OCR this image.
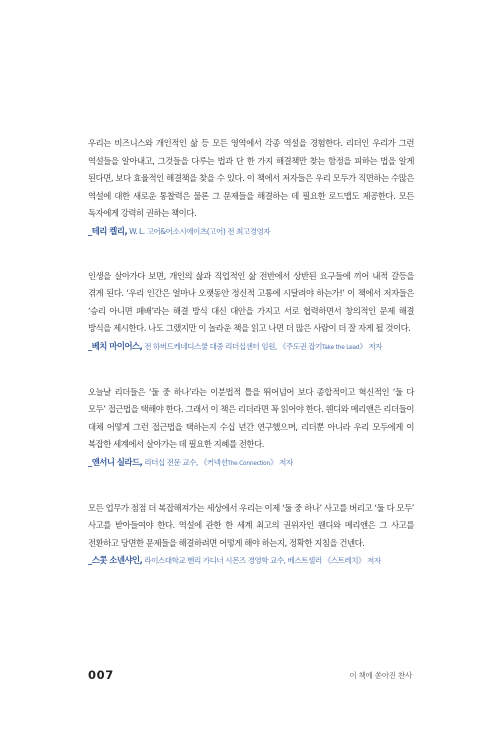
우리는 비즈니스와 개인적인 삶 등 모든 영역에서 각종 역설을 경험한다. 리더인 우리가 그런 역설들을 알아내고, 그것들을 다루는 법과 단 한 가지 해결책만 찾는 함정을 피하는 법을 알게 된다면, 보다 효율적인 해결책을 찾을 수 있다. 이 책에서 저자들은 우리 모두가 직면하는 수많은 역설에 대한 새로운 통찰력은 물론 그 문제들을 해결하는 데 필요한 로드맵도 제공한다. 모든 독자에게 강력히 권하는 책이다.

_테리 켈리, W. L. 고어&어소시에이츠(고어) 전 최고경영자

인생을 살아가다 보면, 개인의 삶과 직업적인 삶 전반에서 상반된 요구들에 끼어 내적 갈등을 겪게 된다. ‘우리 인간은 얼마나 오랫동안 정신적 고통에 시달려야 하는가!’ 이 책에서 저자들은 ‘승리 아니면 패배’라는 해결 방식 대신 대안을 가지고 서로 협력하면서 창의적인 문제 해결 방식을 제시한다. 나도 그랬지만 이 놀라운 책을 읽고 나면 더 많은 사람이 더 잘 자게 될 것이다.

_베치 마이어스, 전 하버드케네디스쿨 대중 리더십센터 임원, 《주도권 잡기Take the Lead》 저자

오늘날 리더들은 ‘둘 중 하나’라는 이분법적 틀을 뛰어넘어 보다 종합적이고 혁신적인 ‘둘 다 모두’ 접근법을 택해야 한다. 그래서 이 책은 리더라면 꼭 읽어야 한다. 웬디와 메리앤은 리더들이 대체 어떻게 그런 접근법을 택하는지 수십 년간 연구했으며, 리더뿐 아니라 우리 모두에게 이 복잡한 세계에서 살아가는 데 필요한 지혜를 전한다.

_앤서니 실라드, 리더십 전문 교수, 《커넥션The Connection》 저자

모든 업무가 점점 더 복잡해져가는 세상에서 우리는 이제 ‘둘 중 하나’ 사고를 버리고 ‘둘 다 모두’ 사고를 받아들여야 한다. 역설에 관한 한 세계 최고의 권위자인 웬디와 메리앤은 그 사고를 전환하고 당면한 문제들을 해결하려면 어떻게 해야 하는지, 정확한 지침을 건넨다.

_스콧 소넨샤인, 라이스대학교 헨리 가디너 시몬즈 경영학 교수, 베스트셀러 《스트레치》 저자

007	이 책에 쏟아진 찬사
